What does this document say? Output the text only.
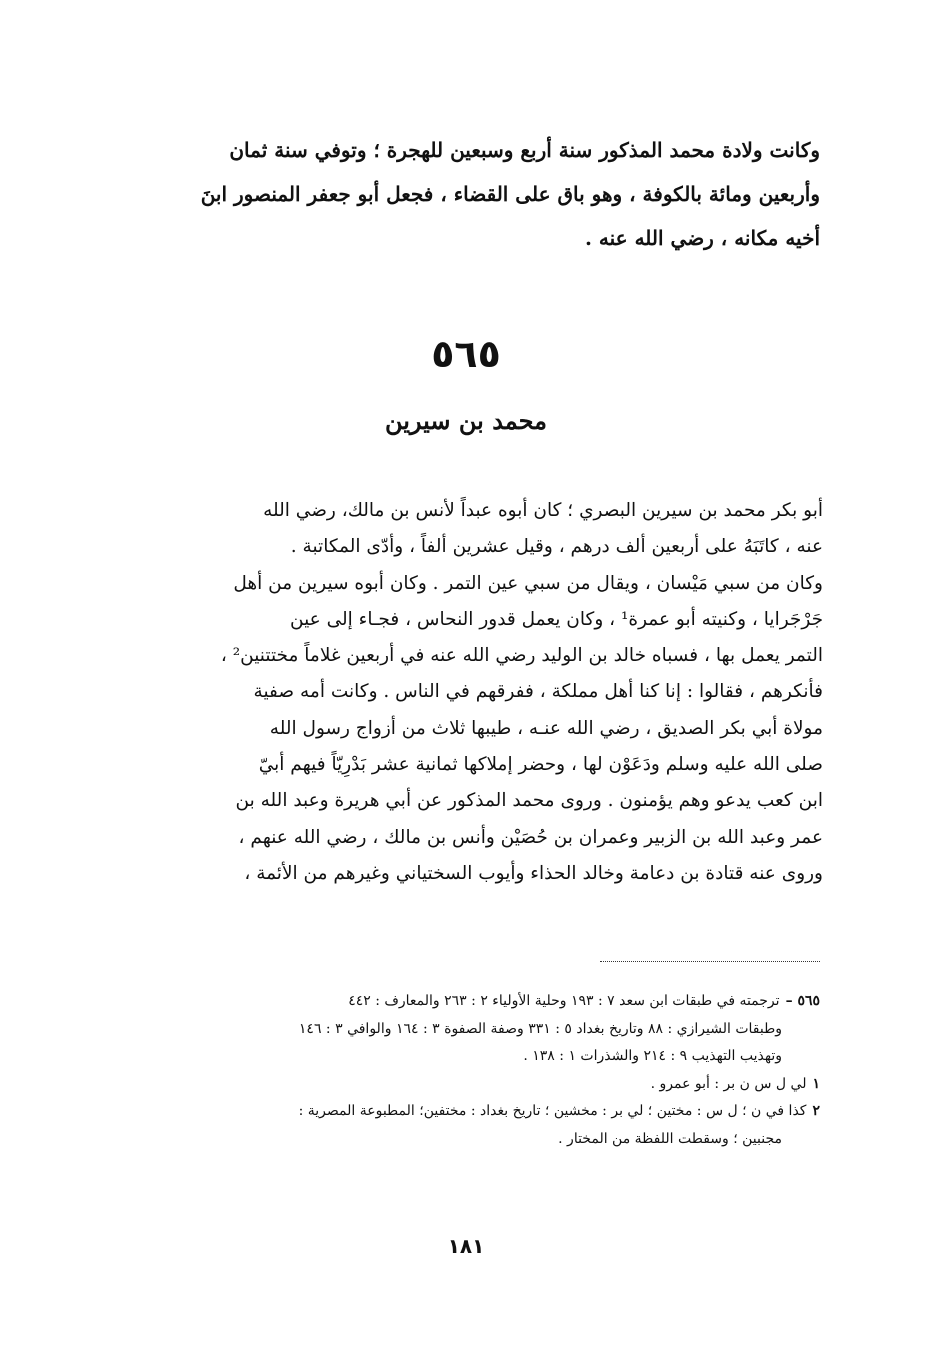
وكانت ولادة محمد المذكور سنة أربع وسبعين للهجرة ؛ وتوفي سنة ثمان
وأربعين ومائة بالكوفة ، وهو باق على القضاء ، فجعل أبو جعفر المنصور ابنَ
أخيه مكانه ، رضي الله عنه .
٥٦٥
محمد بن سيرين
أبو بكر محمد بن سيرين البصري ؛ كان أبوه عبداً لأنس بن مالك، رضي الله
عنه ، كاتَبَهُ على أربعين ألف درهم ، وقيل عشرين ألفاً ، وأدّى المكاتبة .
وكان من سبي مَيْسان ، ويقال من سبي عين التمر . وكان أبوه سيرين من أهل
جَرْجَرايا ، وكنيته أبو عمرة¹ ، وكان يعمل قدور النحاس ، فجـاء إلى عين
التمر يعمل بها ، فسباه خالد بن الوليد رضي الله عنه في أربعين غلاماً مختتنين² ،
فأنكرهم ، فقالوا : إنا كنا أهل مملكة ، ففرقهم في الناس . وكانت أمه صفية
مولاة أبي بكر الصديق ، رضي الله عنـه ، طيبها ثلاث من أزواج رسول الله
صلى الله عليه وسلم ودَعَوْن لها ، وحضر إملاكها ثمانية عشر بَدْرِيّاً فيهم أبيّ
ابن كعب يدعو وهم يؤمنون . وروى محمد المذكور عن أبي هريرة وعبد الله بن
عمر وعبد الله بن الزبير وعمران بن حُصَيْن وأنس بن مالك ، رضي الله عنهم ،
وروى عنه قتادة بن دعامة وخالد الحذاء وأيوب السختياني وغيرهم من الأئمة ،
٥٦٥ –ترجمته في طبقات ابن سعد ٧ : ١٩٣ وحلية الأولياء ٢ : ٢٦٣ والمعارف : ٤٤٢
وطبقات الشيرازي : ٨٨ وتاريخ بغداد ٥ : ٣٣١ وصفة الصفوة ٣ : ١٦٤ والوافي ٣ : ١٤٦
وتهذيب التهذيب ٩ : ٢١٤ والشذرات ١ : ١٣٨ .
١لي ل س ن بر : أبو عمرو .
٢كذا في ن ؛ ل س : مختين ؛ لي بر : مخشين ؛ تاريخ بغداد : مختفين؛ المطبوعة المصرية :
مجنبين ؛ وسقطت اللفظة من المختار .
١٨١
